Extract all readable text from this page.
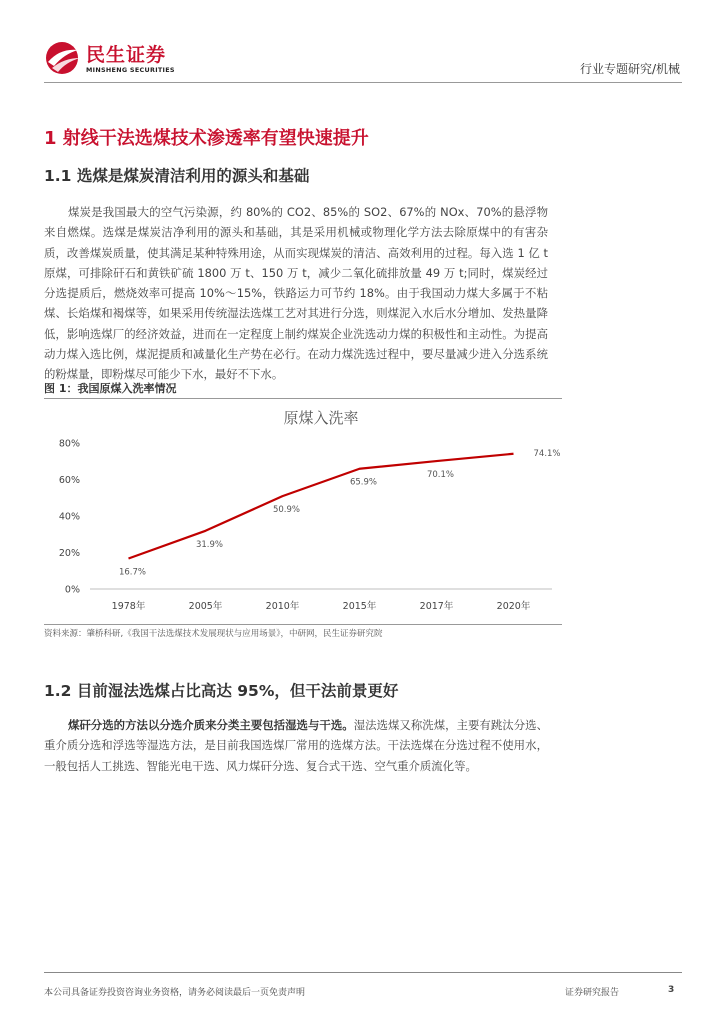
民生证券
MINSHENG SECURITIES	行业专题研究/机械
1 射线干法选煤技术渗透率有望快速提升
1.1 选煤是煤炭清洁利用的源头和基础

煤炭是我国最大的空气污染源，约 80%的 CO2、85%的 SO2、67%的 NOx、70%的悬浮物来自燃煤。选煤是煤炭洁净利用的源头和基础，其是采用机械或物理化学方法去除原煤中的有害杂质，改善煤炭质量，使其满足某种特殊用途，从而实现煤炭的清洁、高效利用的过程。每入选 1 亿 t 原煤，可排除矸石和黄铁矿硫 1800 万 t、150 万 t，减少二氧化硫排放量 49 万 t;同时，煤炭经过分选提质后，燃烧效率可提高 10%～15%，铁路运力可节约 18%。由于我国动力煤大多属于不粘煤、长焰煤和褐煤等，如果采用传统湿法选煤工艺对其进行分选，则煤泥入水后水分增加、发热量降低，影响选煤厂的经济效益，进而在一定程度上制约煤炭企业洗选动力煤的积极性和主动性。为提高动力煤入选比例，煤泥提质和减量化生产势在必行。在动力煤洗选过程中，要尽量减少进入分选系统的粉煤量，即粉煤尽可能少下水，最好不下水。

图 1：我国原煤入洗率情况
原煤入洗率
0%
20%
40%
60%
80%
1978年	2005年	2010年	2015年	2017年	2020年
16.7%
31.9%
50.9%
65.9%
70.1%
74.1%
资料来源：肇桥科研,《我国干法选煤技术发展现状与应用场景》，中研网，民生证券研究院
1.2 目前湿法选煤占比高达 95%，但干法前景更好

煤矸分选的方法以分选介质来分类主要包括湿选与干选。湿法选煤又称洗煤，主要有跳汰分选、重介质分选和浮选等湿选方法，是目前我国选煤厂常用的选煤方法。干法选煤在分选过程不使用水，一般包括人工挑选、智能光电干选、风力煤矸分选、复合式干选、空气重介质流化等。

本公司具备证券投资咨询业务资格，请务必阅读最后一页免责声明	证券研究报告	3
